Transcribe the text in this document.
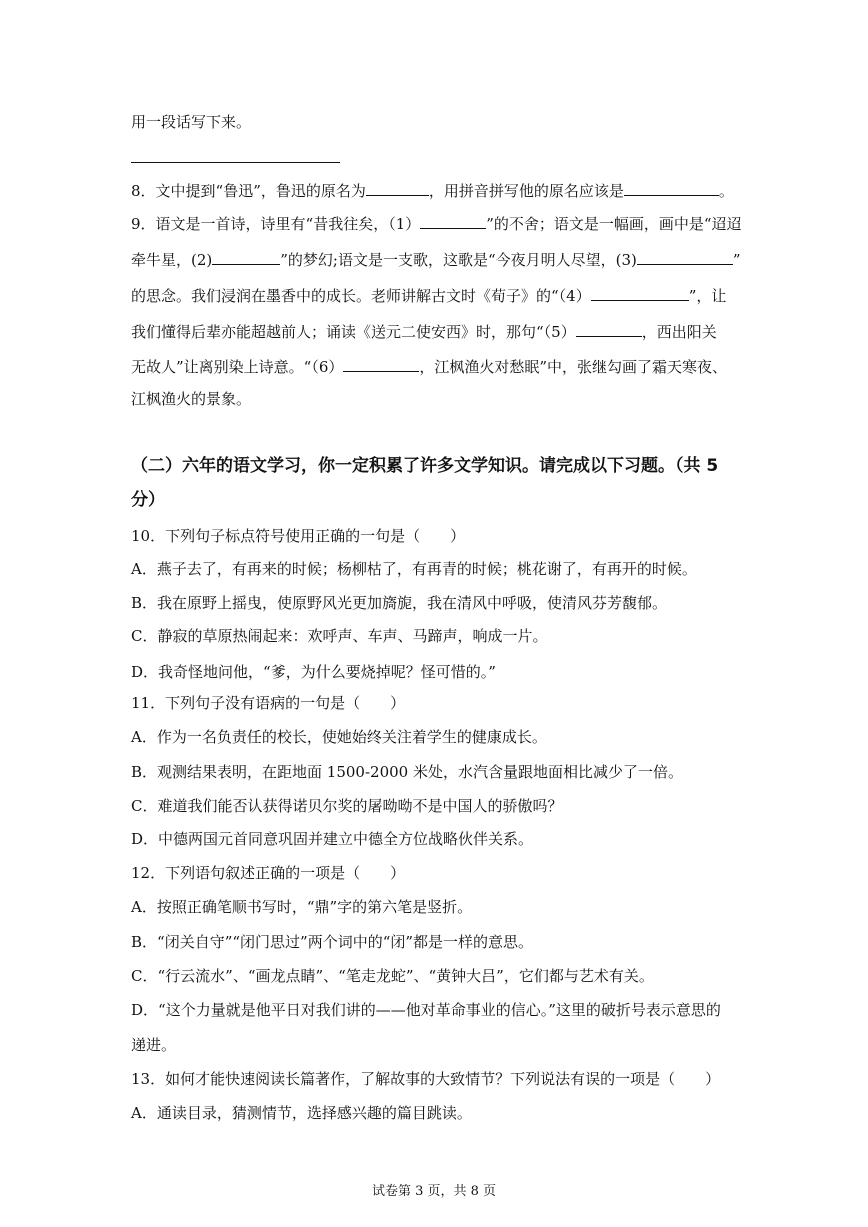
用一段话写下来。
8．文中提到“鲁迅”，鲁迅的原名为	，用拼音拼写他的原名应该是	。
9．语文是一首诗，诗里有“昔我往矣，（1）	”的不舍；语文是一幅画，画中是“迢迢
牵牛星，(2)	”的梦幻;语文是一支歌，这歌是“今夜月明人尽望，(3)	”
的思念。我们浸润在墨香中的成长。老师讲解古文时《荀子》的“（4）	”，让
我们懂得后辈亦能超越前人；诵读《送元二使安西》时，那句“（5）	，西出阳关
无故人”让离别染上诗意。“（6）	，江枫渔火对愁眠”中，张继勾画了霜天寒夜、
江枫渔火的景象。
（二）六年的语文学习，你一定积累了许多文学知识。请完成以下习题。（共 5
分）
10．下列句子标点符号使用正确的一句是（　　）
A．燕子去了，有再来的时候；杨柳枯了，有再青的时候；桃花谢了，有再开的时候。
B．我在原野上摇曳，使原野风光更加旖旎，我在清风中呼吸，使清风芬芳馥郁。
C．静寂的草原热闹起来：欢呼声、车声、马蹄声，响成一片。
D．我奇怪地问他，“爹，为什么要烧掉呢？怪可惜的。”
11．下列句子没有语病的一句是（　　）
A．作为一名负责任的校长，使她始终关注着学生的健康成长。
B．观测结果表明，在距地面 1500-2000 米处，水汽含量跟地面相比减少了一倍。
C．难道我们能否认获得诺贝尔奖的屠呦呦不是中国人的骄傲吗？
D．中德两国元首同意巩固并建立中德全方位战略伙伴关系。
12．下列语句叙述正确的一项是（　　）
A．按照正确笔顺书写时，“鼎”字的第六笔是竖折。
B．“闭关自守”“闭门思过”两个词中的“闭”都是一样的意思。
C．“行云流水”、“画龙点睛”、“笔走龙蛇”、“黄钟大吕”，它们都与艺术有关。
D．“这个力量就是他平日对我们讲的——他对革命事业的信心。”这里的破折号表示意思的
递进。
13．如何才能快速阅读长篇著作，了解故事的大致情节？下列说法有误的一项是（　　）
A．通读目录，猜测情节，选择感兴趣的篇目跳读。
试卷第 3 页，共 8 页
